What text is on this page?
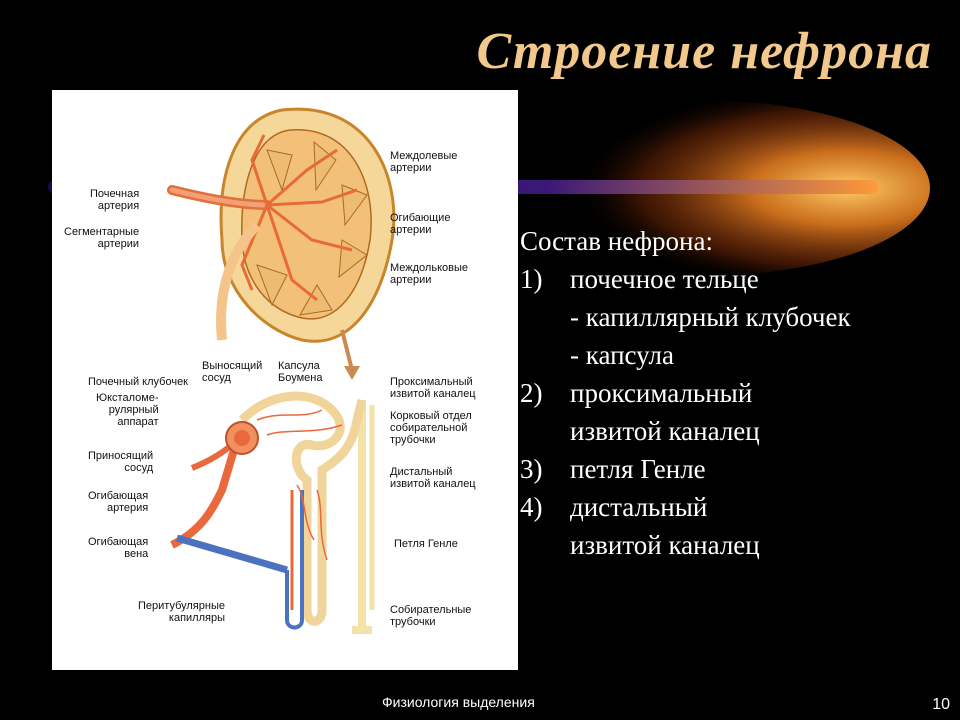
Строение нефрона
Почечная
артерия
Сегментарные
артерии
Междолевые
артерии
Огибающие
артерии
Междольковые
артерии
Почечный клубочек
Юксталоме-
рулярный
аппарат
Приносящий
сосуд
Огибающая
артерия
Огибающая
вена
Перитубулярные
капилляры
Выносящий
сосуд
Капсула
Боумена	Проксимальный
извитой каналец
Корковый отдел
собирательной
трубочки
Дистальный
извитой каналец
Петля Генле
Собирательные
трубочки
Состав нефрона:
1) почечное тельце
- капиллярный клубочек
- капсула
2) проксимальный
извитой каналец
3) петля Генле
4) дистальный
извитой каналец
Физиология выделения	10
